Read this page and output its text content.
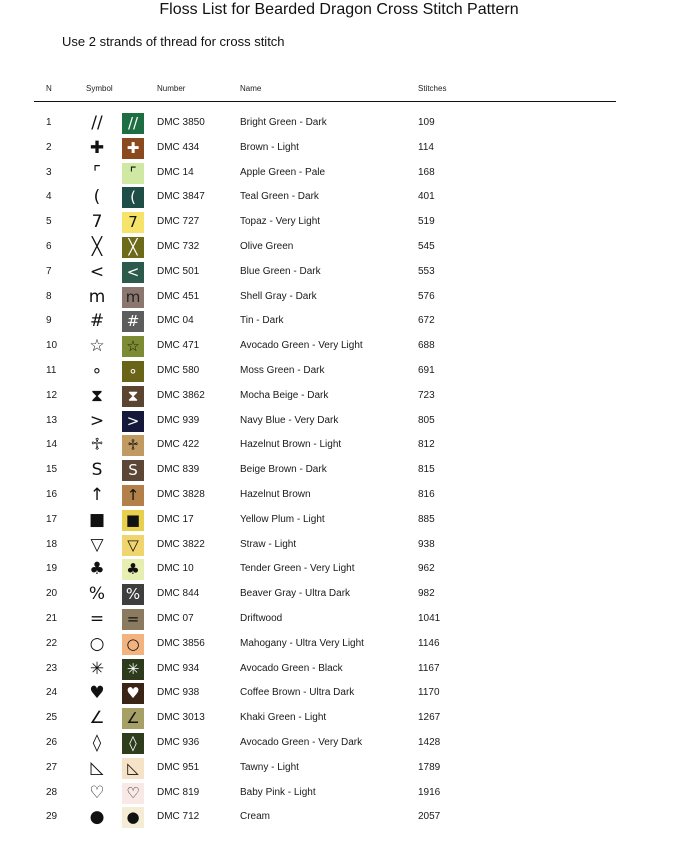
Floss List for Bearded Dragon Cross Stitch Pattern
Use 2 strands of thread for cross stitch
N	Symbol	Number	Name	Stitches
1	//	//	DMC 3850	Bright Green - Dark	109
2	✚	✚	DMC 434	Brown - Light	114
3	⌜	⌜	DMC 14	Apple Green - Pale	168
4	(	(	DMC 3847	Teal Green - Dark	401
5	7	7	DMC 727	Topaz - Very Light	519
6	╳	╳	DMC 732	Olive Green	545
7	<	<	DMC 501	Blue Green - Dark	553
8 m	m	DMC 451	Shell Gray - Dark	576
9	#	#	DMC 04	Tin - Dark	672
10	☆	☆	DMC 471	Avocado Green - Very Light	688
11	∘	∘	DMC 580	Moss Green - Dark	691
12	⧗	⧗	DMC 3862	Mocha Beige - Dark	723
13	>	>	DMC 939	Navy Blue - Very Dark	805
14	♱	♱	DMC 422	Hazelnut Brown - Light	812
15	S	S	DMC 839	Beige Brown - Dark	815
16	↑	↑	DMC 3828	Hazelnut Brown	816
17 ■	■	DMC 17	Yellow Plum - Light	885
18	▽	▽	DMC 3822	Straw - Light	938
19	♣	♣	DMC 10	Tender Green - Very Light	962
20 %	%	DMC 844	Beaver Gray - Ultra Dark	982
21	=	=	DMC 07	Driftwood	1041
22	○	○	DMC 3856	Mahogany - Ultra Very Light	1146
23	✳	✳	DMC 934	Avocado Green - Black	1167
24	♥	♥	DMC 938	Coffee Brown - Ultra Dark	1170
25	∠	∠	DMC 3013	Khaki Green - Light	1267
26	◊	◊	DMC 936	Avocado Green - Very Dark	1428
27	◺	◺	DMC 951	Tawny - Light	1789
28	♡	♡	DMC 819	Baby Pink - Light	1916
29	●	●	DMC 712	Cream	2057
